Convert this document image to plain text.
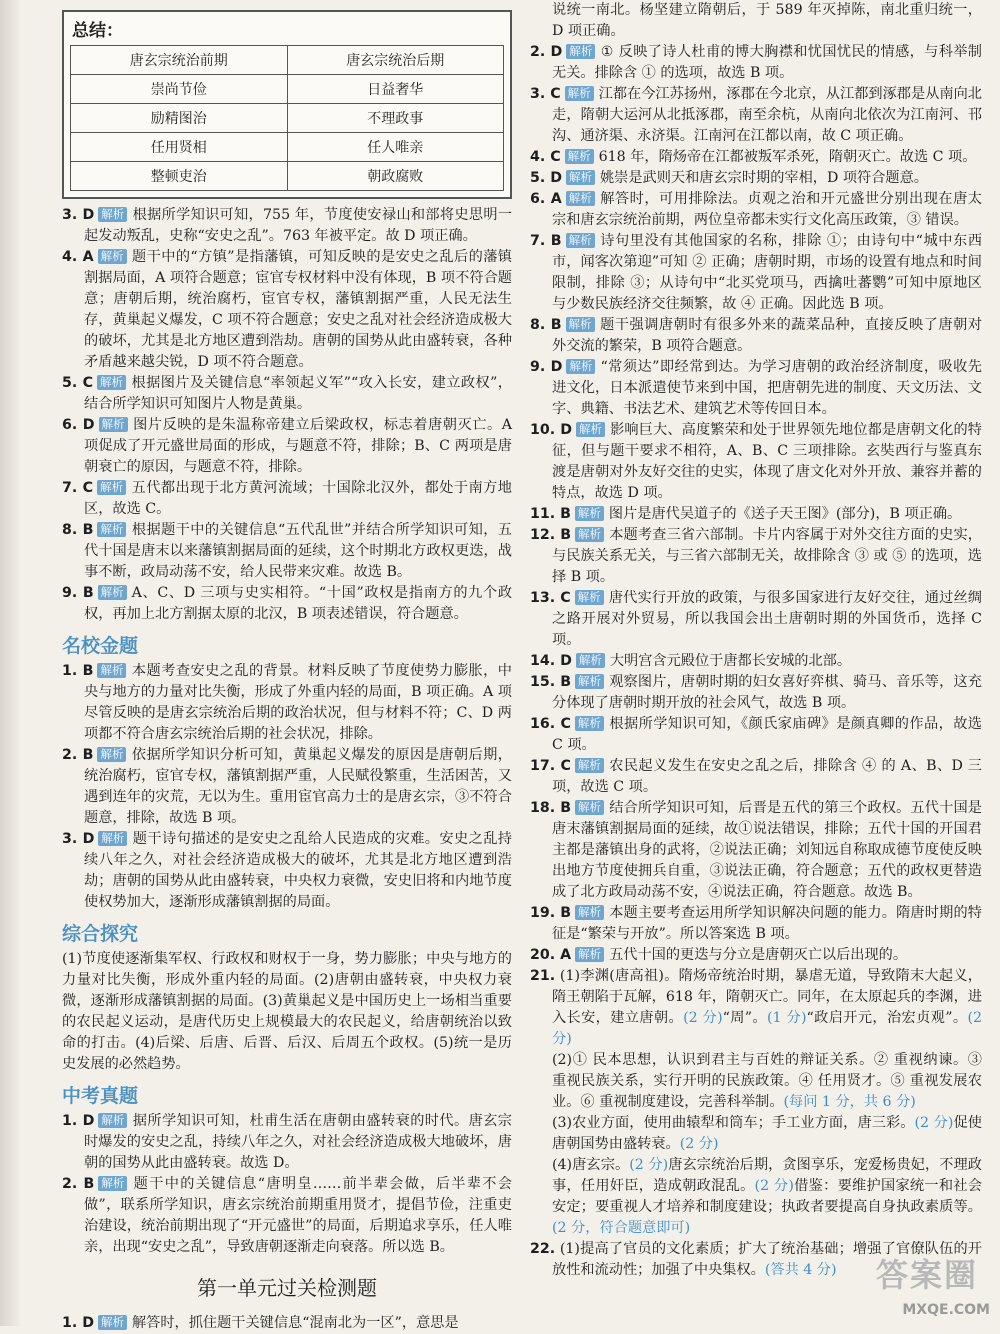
总结：
唐玄宗统治前期	唐玄宗统治后期
崇尚节俭	日益奢华
励精图治	不理政事
任用贤相	任人唯亲
整顿吏治	朝政腐败

3. D 解析 根据所学知识可知，755 年，节度使安禄山和部将史思明一起发动叛乱，史称“安史之乱”。763 年被平定。故 D 项正确。

4. A 解析 题干中的“方镇”是指藩镇，可知反映的是安史之乱后的藩镇割据局面，A 项符合题意；宦官专权材料中没有体现，B 项不符合题意；唐朝后期，统治腐朽，宦官专权，藩镇割据严重，人民无法生存，黄巢起义爆发，C 项不符合题意；安史之乱对社会经济造成极大的破坏，尤其是北方地区遭到浩劫。唐朝的国势从此由盛转衰，各种矛盾越来越尖锐，D 项不符合题意。

5. C 解析 根据图片及关键信息“率领起义军”“攻入长安，建立政权”，结合所学知识可知图片人物是黄巢。

6. D 解析 图片反映的是朱温称帝建立后梁政权，标志着唐朝灭亡。A 项促成了开元盛世局面的形成，与题意不符，排除；B、C 两项是唐朝衰亡的原因，与题意不符，排除。

7. C 解析 五代都出现于北方黄河流域；十国除北汉外，都处于南方地区，故选 C。

8. B 解析 根据题干中的关键信息“五代乱世”并结合所学知识可知，五代十国是唐末以来藩镇割据局面的延续，这个时期北方政权更迭，战事不断，政局动荡不安，给人民带来灾难。故选 B。

9. B 解析 A、C、D 三项与史实相符。“十国”政权是指南方的九个政权，再加上北方割据太原的北汉，B 项表述错误，符合题意。

名校金题

1. B 解析 本题考查安史之乱的背景。材料反映了节度使势力膨胀，中央与地方的力量对比失衡，形成了外重内轻的局面，B 项正确。A 项尽管反映的是唐玄宗统治后期的政治状况，但与材料不符；C、D 两项都不符合唐玄宗统治后期的社会状况，排除。

2. B 解析 依据所学知识分析可知，黄巢起义爆发的原因是唐朝后期，统治腐朽，宦官专权，藩镇割据严重，人民赋役繁重，生活困苦，又遇到连年的灾荒，无以为生。重用宦官高力士的是唐玄宗，③不符合题意，排除，故选 B 项。

3. D 解析 题干诗句描述的是安史之乱给人民造成的灾难。安史之乱持续八年之久，对社会经济造成极大的破坏，尤其是北方地区遭到浩劫；唐朝的国势从此由盛转衰，中央权力衰微，安史旧将和内地节度使权势加大，逐渐形成藩镇割据的局面。

综合探究

(1)节度使逐渐集军权、行政权和财权于一身，势力膨胀；中央与地方的力量对比失衡，形成外重内轻的局面。(2)唐朝由盛转衰，中央权力衰微，逐渐形成藩镇割据的局面。(3)黄巢起义是中国历史上一场相当重要的农民起义运动，是唐代历史上规模最大的农民起义，给唐朝统治以致命的打击。(4)后梁、后唐、后晋、后汉、后周五个政权。(5)统一是历史发展的必然趋势。

中考真题

1. D 解析 据所学知识可知，杜甫生活在唐朝由盛转衰的时代。唐玄宗时爆发的安史之乱，持续八年之久，对社会经济造成极大地破坏，唐朝的国势从此由盛转衰。故选 D。

2. B 解析 题干中的关键信息“唐明皇……前半辈会做，后半辈不会做”，联系所学知识，唐玄宗统治前期重用贤才，提倡节俭，注重吏治建设，统治前期出现了“开元盛世”的局面，后期追求享乐，任人唯亲，出现“安史之乱”，导致唐朝逐渐走向衰落。所以选 B。

第一单元过关检测题

1. D 解析 解答时，抓住题干关键信息“混南北为一区”，意思是

说统一南北。杨坚建立隋朝后，于 589 年灭掉陈，南北重归统一，D 项正确。

2. D 解析 ① 反映了诗人杜甫的博大胸襟和忧国忧民的情感，与科举制无关。排除含 ① 的选项，故选 B 项。

3. C 解析 江都在今江苏扬州，涿郡在今北京，从江都到涿郡是从南向北走，隋朝大运河从北抵涿郡，南至余杭，从南向北依次为江南河、邗沟、通济渠、永济渠。江南河在江都以南，故 C 项正确。

4. C 解析 618 年，隋炀帝在江都被叛军杀死，隋朝灭亡。故选 C 项。

5. D 解析 姚崇是武则天和唐玄宗时期的宰相，D 项符合题意。

6. A 解析 解答时，可用排除法。贞观之治和开元盛世分别出现在唐太宗和唐玄宗统治前期，两位皇帝都未实行文化高压政策，③ 错误。

7. B 解析 诗句里没有其他国家的名称，排除 ①；由诗句中“城中东西市，闻客次第迎”可知 ② 正确；唐朝时期，市场的设置有地点和时间限制，排除 ③；从诗句中“北买党项马，西擒吐蕃鹦”可知中原地区与少数民族经济交往频繁，故 ④ 正确。因此选 B 项。

8. B 解析 题干强调唐朝时有很多外来的蔬菜品种，直接反映了唐朝对外交流的繁荣，B 项符合题意。

9. D 解析 “常须达”即经常到达。为学习唐朝的政治经济制度，吸收先进文化，日本派遣使节来到中国，把唐朝先进的制度、天文历法、文字、典籍、书法艺术、建筑艺术等传回日本。

10. D 解析 影响巨大、高度繁荣和处于世界领先地位都是唐朝文化的特征，但与题干要求不相符，A、B、C 三项排除。玄奘西行与鉴真东渡是唐朝对外友好交往的史实，体现了唐文化对外开放、兼容并蓄的特点，故选 D 项。

11. B 解析 图片是唐代吴道子的《送子天王图》(部分)，B 项正确。

12. B 解析 本题考查三省六部制。卡片内容属于对外交往方面的史实，与民族关系无关，与三省六部制无关，故排除含 ③ 或 ⑤ 的选项，选择 B 项。

13. C 解析 唐代实行开放的政策，与很多国家进行友好交往，通过丝绸之路开展对外贸易，所以我国会出土唐朝时期的外国货币，选择 C 项。

14. D 解析 大明宫含元殿位于唐都长安城的北部。

15. B 解析 观察图片，唐朝时期的妇女喜好弈棋、骑马、音乐等，这充分体现了唐朝时期开放的社会风气，故选 B 项。

16. C 解析 根据所学知识可知，《颜氏家庙碑》是颜真卿的作品，故选 C 项。

17. C 解析 农民起义发生在安史之乱之后，排除含 ④ 的 A、B、D 三项，故选 C 项。

18. B 解析 结合所学知识可知，后晋是五代的第三个政权。五代十国是唐末藩镇割据局面的延续，故①说法错误，排除；五代十国的开国君主都是藩镇出身的武将，②说法正确；刘知远自称取成德节度使反映出地方节度使拥兵自重，③说法正确，符合题意；五代的政权更替造成了北方政局动荡不安，④说法正确，符合题意。故选 B。

19. B 解析 本题主要考查运用所学知识解决问题的能力。隋唐时期的特征是“繁荣与开放”。所以答案选 B 项。

20. A 解析 五代十国的更迭与分立是唐朝灭亡以后出现的。

21. (1)李渊(唐高祖)。隋炀帝统治时期，暴虐无道，导致隋末大起义，隋王朝陷于瓦解，618 年，隋朝灭亡。同年，在太原起兵的李渊，进入长安，建立唐朝。(2 分)“周”。(1 分)“政启开元，治宏贞观”。(2 分)

(2)① 民本思想，认识到君主与百姓的辩证关系。② 重视纳谏。③ 重视民族关系，实行开明的民族政策。④ 任用贤才。⑤ 重视发展农业。⑥ 重视制度建设，完善科举制。(每问 1 分，共 6 分)

(3)农业方面，使用曲辕犁和筒车；手工业方面，唐三彩。(2 分)促使唐朝国势由盛转衰。(2 分)

(4)唐玄宗。(2 分)唐玄宗统治后期，贪图享乐，宠爱杨贵妃，不理政事，任用奸臣，造成朝政混乱。(2 分)借鉴：要维护国家统一和社会安定；要重视人才培养和制度建设；执政者要提高自身执政素质等。(2 分，符合题意即可)

22. (1)提高了官员的文化素质；扩大了统治基础；增强了官僚队伍的开放性和流动性；加强了中央集权。(答共 4 分)	答案圈
MXQE.COM
